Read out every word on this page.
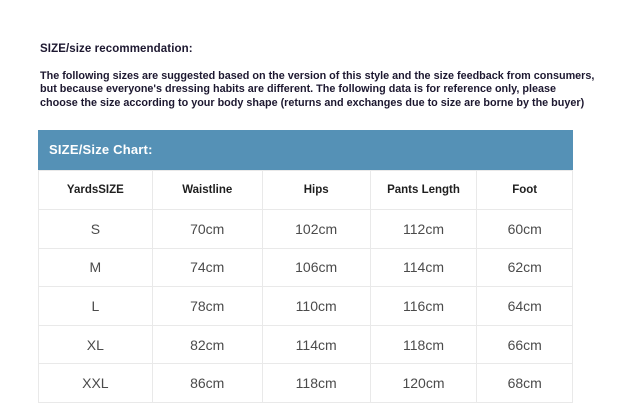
SIZE/size recommendation:
The following sizes are suggested based on the version of this style and the size feedback from consumers,
but because everyone's dressing habits are different. The following data is for reference only, please
choose the size according to your body shape (returns and exchanges due to size are borne by the buyer)
SIZE/Size Chart:
YardsSIZE	Waistline	Hips	Pants Length	Foot
S	70cm	102cm	112cm	60cm
M	74cm	106cm	114cm	62cm
L	78cm	110cm	116cm	64cm
XL	82cm	114cm	118cm	66cm
XXL	86cm	118cm	120cm	68cm
